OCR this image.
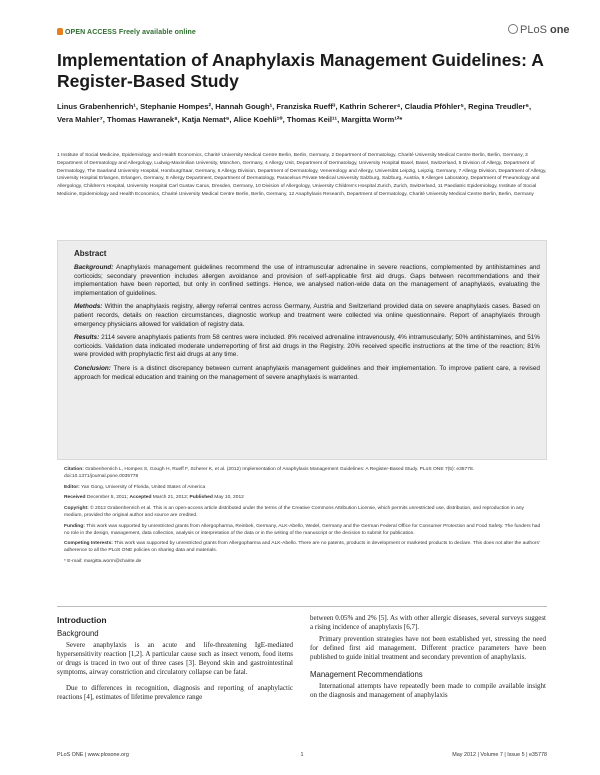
OPEN ACCESS Freely available online	PLoS one
Implementation of Anaphylaxis Management Guidelines: A Register-Based Study
Linus Grabenhenrich¹, Stephanie Hompes², Hannah Gough¹, Franziska Rueff³, Kathrin Scherer⁴, Claudia Pföhler⁵, Regina Treudler⁶, Vera Mahler⁷, Thomas Hawranek⁸, Katja Nemat⁹, Alice Koehli¹⁰, Thomas Keil¹¹, Margitta Worm¹²*
1 Institute of Social Medicine, Epidemiology and Health Economics, Charité University Medical Centre Berlin, Berlin, Germany, 2 Department of Dermatology, Charité University Medical Centre Berlin, Berlin, Germany, 3 Department of Dermatology and Allergology, Ludwig-Maximilian University, München, Germany, 4 Allergy Unit, Department of Dermatology, University Hospital Basel, Basel, Switzerland, 5 Division of Allergy, Department of Dermatology, The Saarland University Hospital, Homburg/Saar, Germany, 6 Allergy Division, Department of Dermatology, Venereology and Allergy, Universität Leipzig, Leipzig, Germany, 7 Allergy Division, Department of Allergy, University Hospital Erlangen, Erlangen, Germany, 8 Allergy Department, Department of Dermatology, Paracelsus Private Medical University Salzburg, Salzburg, Austria, 9 Allergen Laboratory, Department of Pneumology and Allergology, Children's Hospital, University Hospital Carl Gustav Carus, Dresden, Germany, 10 Division of Allergology, University Children's Hospital Zurich, Zurich, Switzerland, 11 Paediatric Epidemiology, Institute of Social Medicine, Epidemiology and Health Economics, Charité University Medical Centre Berlin, Berlin, Germany, 12 Anaphylaxis Research, Department of Dermatology, Charité University Medical Centre Berlin, Berlin, Germany
Abstract

Background: Anaphylaxis management guidelines recommend the use of intramuscular adrenaline in severe reactions, complemented by antihistamines and corticoids; secondary prevention includes allergen avoidance and provision of self-applicable first aid drugs. Gaps between recommendations and their implementation have been reported, but only in confined settings. Hence, we analysed nation-wide data on the management of anaphylaxis, evaluating the implementation of guidelines.

Methods: Within the anaphylaxis registry, allergy referral centres across Germany, Austria and Switzerland provided data on severe anaphylaxis cases. Based on patient records, details on reaction circumstances, diagnostic workup and treatment were collected via online questionnaire. Report of anaphylaxis through emergency physicians allowed for validation of registry data.

Results: 2114 severe anaphylaxis patients from 58 centres were included. 8% received adrenaline intravenously, 4% intramuscularly; 50% antihistamines, and 51% corticoids. Validation data indicated moderate underreporting of first aid drugs in the Registry. 20% received specific instructions at the time of the reaction; 81% were provided with prophylactic first aid drugs at any time.

Conclusion: There is a distinct discrepancy between current anaphylaxis management guidelines and their implementation. To improve patient care, a revised approach for medical education and training on the management of severe anaphylaxis is warranted.

Citation: Grabenhenrich L, Hompes S, Gough H, Rueff F, Scherer K, et al. (2012) Implementation of Anaphylaxis Management Guidelines: A Register-Based Study. PLoS ONE 7(5): e35778. doi:10.1371/journal.pone.0035778

Editor: Yan Gong, University of Florida, United States of America

Received December 5, 2011; Accepted March 21, 2012; Published May 10, 2012

Copyright: © 2012 Grabenhenrich et al. This is an open-access article distributed under the terms of the Creative Commons Attribution License, which permits unrestricted use, distribution, and reproduction in any medium, provided the original author and source are credited.

Funding: This work was supported by unrestricted grants from Allergopharma, Reinbek, Germany, ALK-Abello, Wedel, Germany and the German Federal Office for Consumer Protection and Food Safety. The funders had no role in the design, management, data collection, analysis or interpretation of the data or in the writing of the manuscript or the decision to submit for publication.

Competing Interests: This work was supported by unrestricted grants from Allergopharma and ALK-Abello. There are no patents, products in development or marketed products to declare. This does not alter the authors' adherence to all the PLoS ONE policies on sharing data and materials.

* E-mail: margitta.worm@charite.de

Introduction
Background

Severe anaphylaxis is an acute and life-threatening IgE-mediated hypersensitivity reaction [1,2]. A particular cause such as insect venom, food items or drugs is traced in two out of three cases [3]. Beyond skin and gastrointestinal symptoms, airway constriction and circulatory collapse can be fatal.

Due to differences in recognition, diagnosis and reporting of anaphylactic reactions [4], estimates of lifetime prevalence range

between 0.05% and 2% [5]. As with other allergic diseases, several surveys suggest a rising incidence of anaphylaxis [6,7].

Primary prevention strategies have not been established yet, stressing the need for defined first aid management. Different practice parameters have been published to guide initial treatment and secondary prevention of anaphylaxis.

Management Recommendations

International attempts have repeatedly been made to compile available insight on the diagnosis and management of anaphylaxis

PLoS ONE | www.plosone.org	1	May 2012 | Volume 7 | Issue 5 | e35778
